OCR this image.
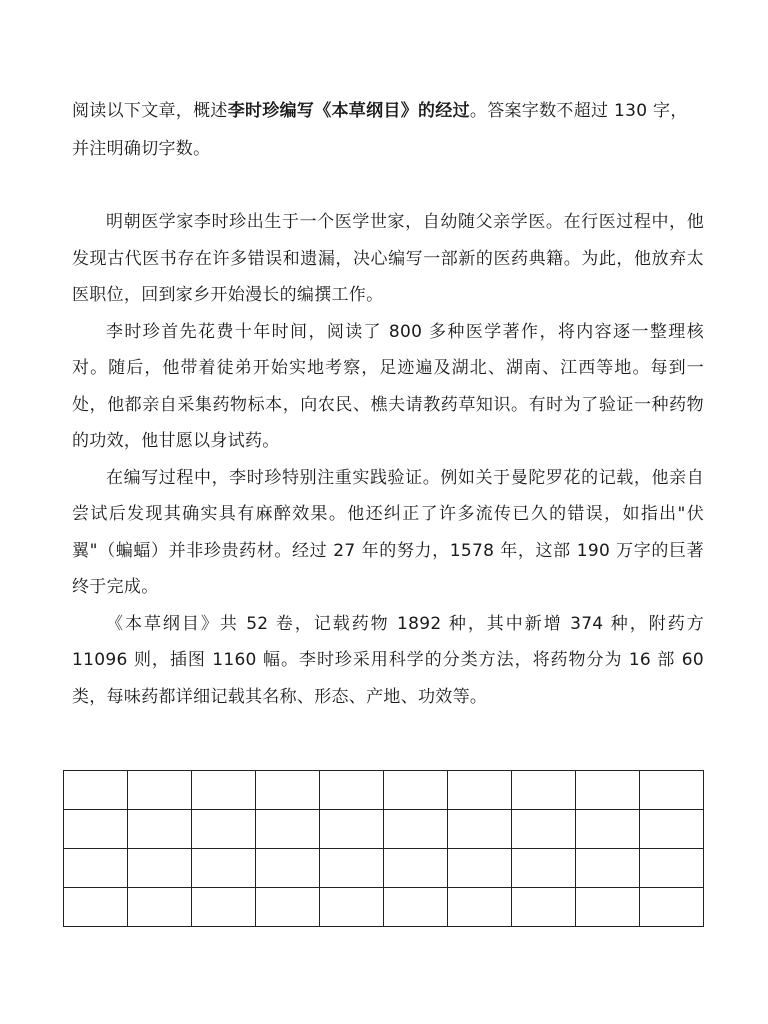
阅读以下文章，概述李时珍编写《本草纲目》的经过。答案字数不超过 130 字，并注明确切字数。

明朝医学家李时珍出生于一个医学世家，自幼随父亲学医。在行医过程中，他发现古代医书存在许多错误和遗漏，决心编写一部新的医药典籍。为此，他放弃太医职位，回到家乡开始漫长的编撰工作。

李时珍首先花费十年时间，阅读了 800 多种医学著作，将内容逐一整理核对。随后，他带着徒弟开始实地考察，足迹遍及湖北、湖南、江西等地。每到一处，他都亲自采集药物标本，向农民、樵夫请教药草知识。有时为了验证一种药物的功效，他甘愿以身试药。

在编写过程中，李时珍特别注重实践验证。例如关于曼陀罗花的记载，他亲自尝试后发现其确实具有麻醉效果。他还纠正了许多流传已久的错误，如指出"伏翼"（蝙蝠）并非珍贵药材。经过 27 年的努力，1578 年，这部 190 万字的巨著终于完成。

《本草纲目》共 52 卷，记载药物 1892 种，其中新增 374 种，附药方 11096 则，插图 1160 幅。李时珍采用科学的分类方法，将药物分为 16 部 60 类，每味药都详细记载其名称、形态、产地、功效等。
